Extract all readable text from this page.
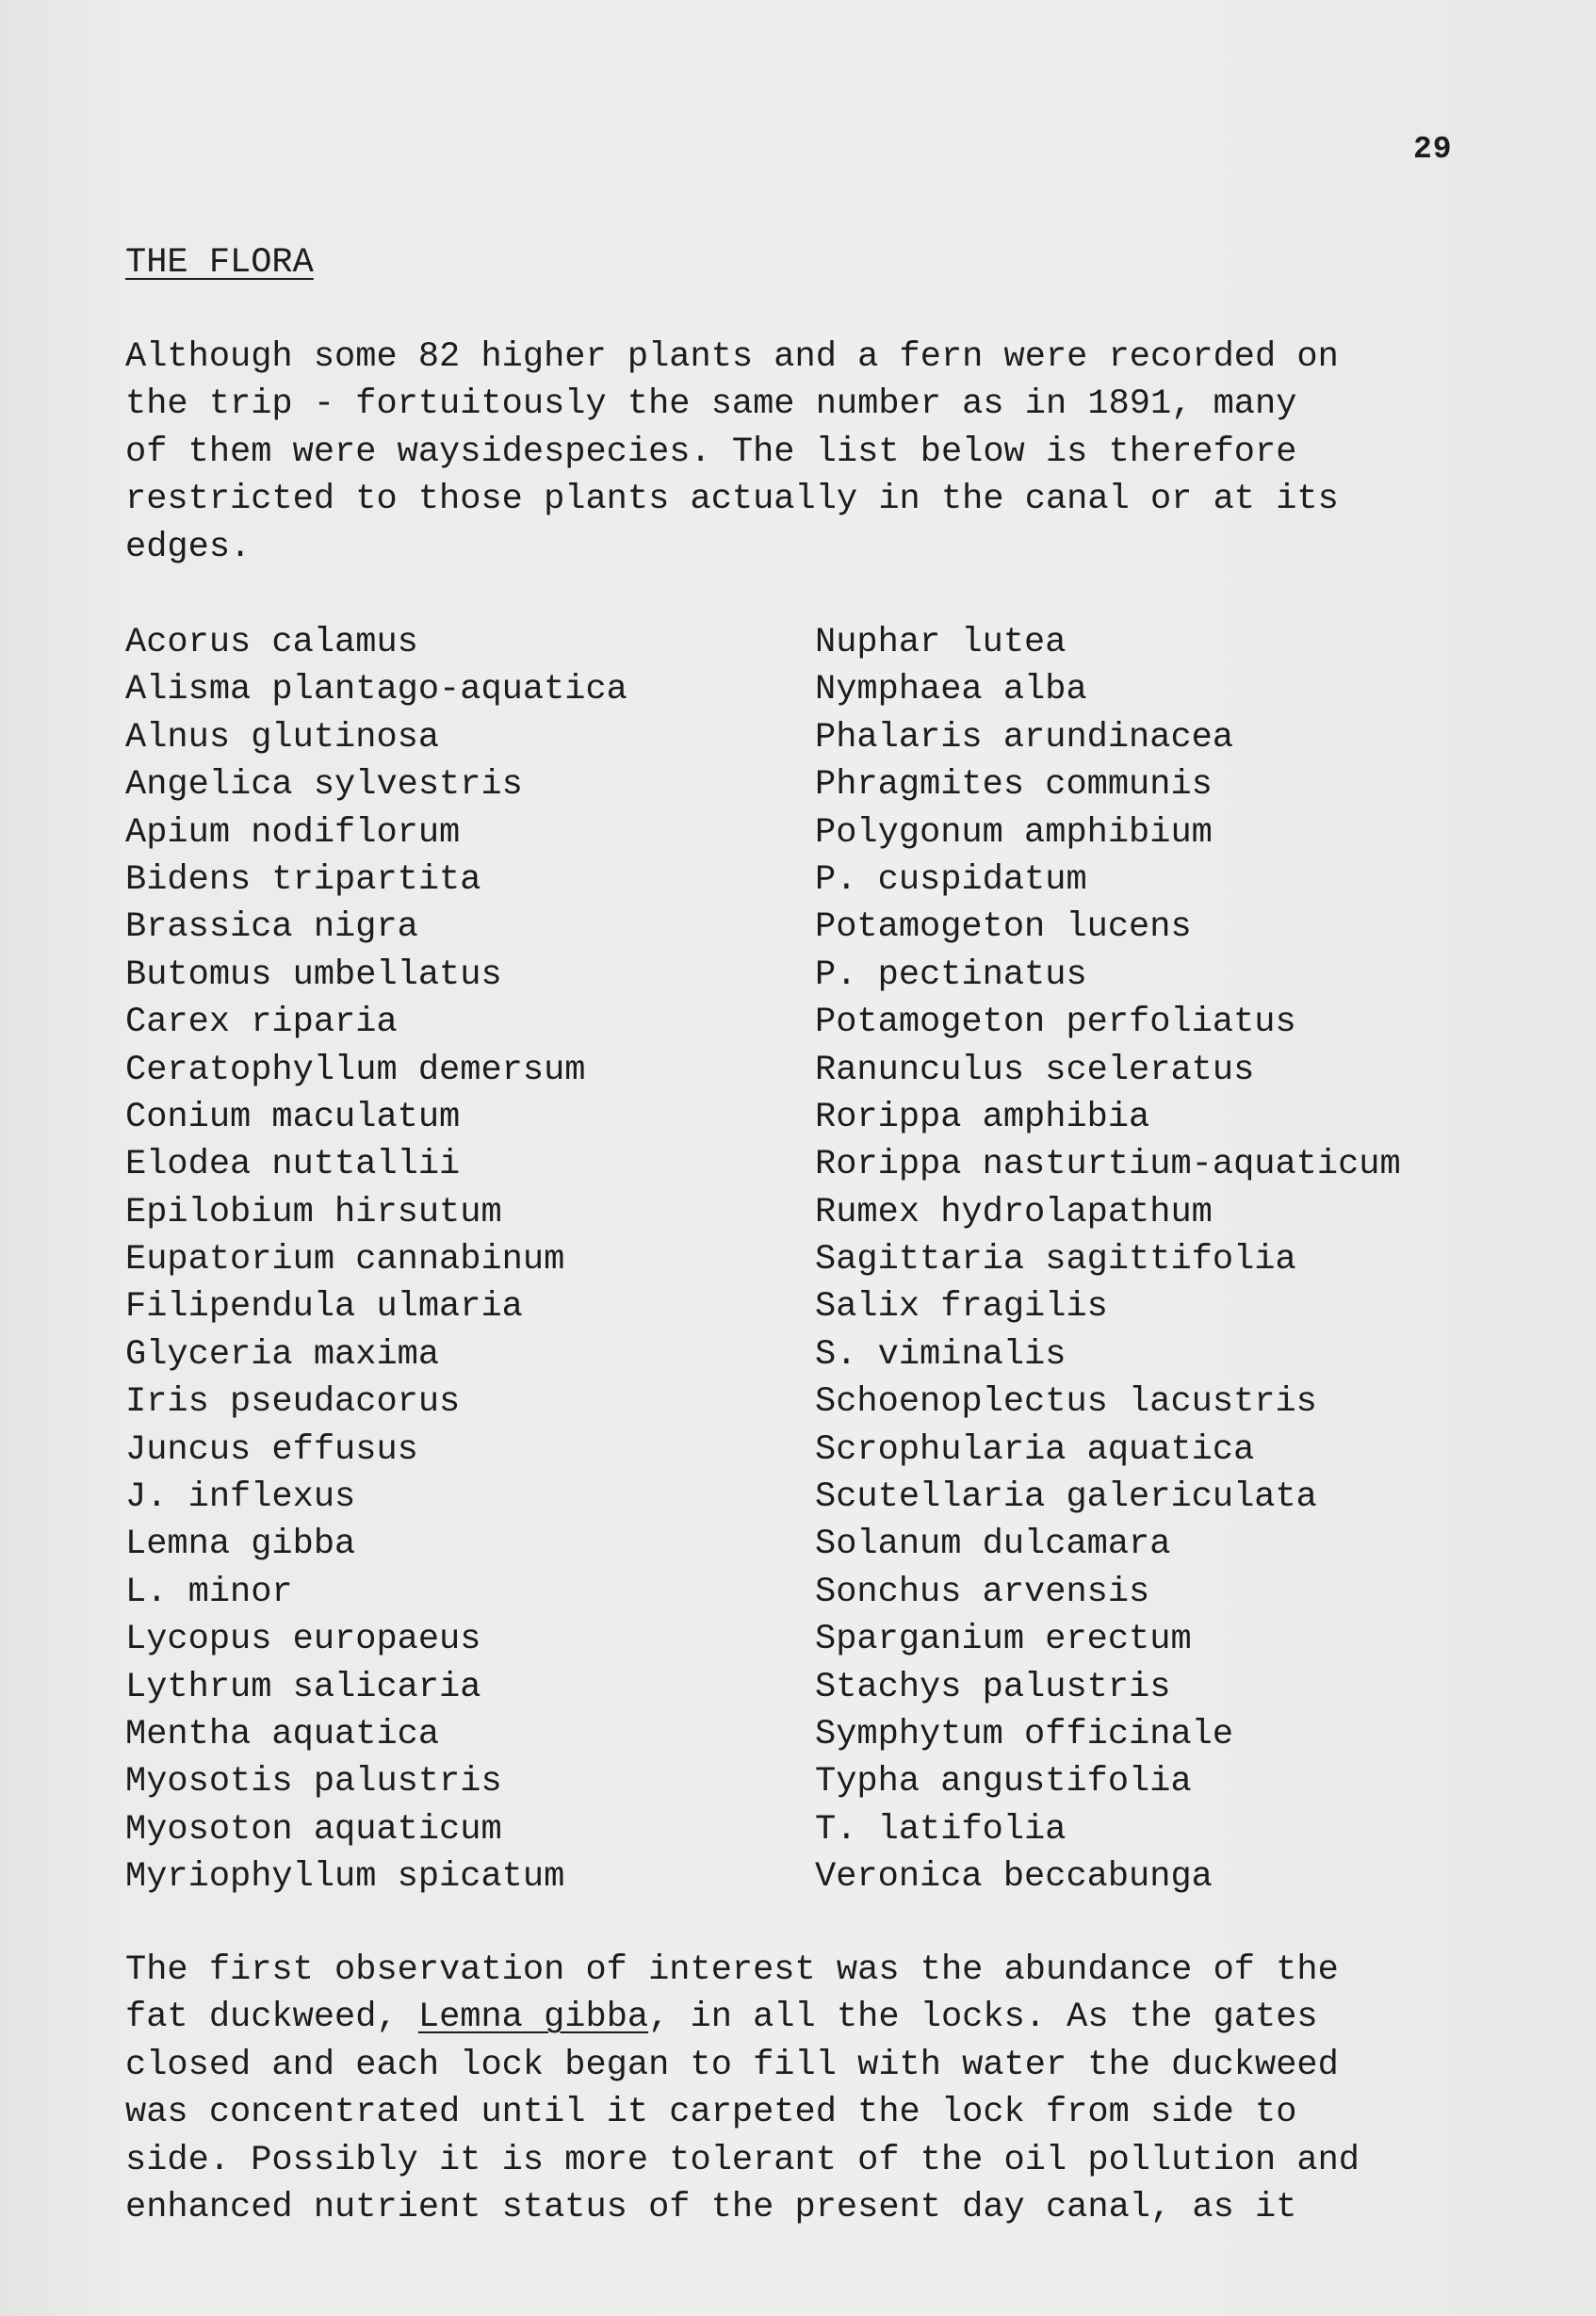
29
THE FLORA
Although some 82 higher plants and a fern were recorded on
the trip - fortuitously the same number as in 1891, many
of them were waysidespecies. The list below is therefore
restricted to those plants actually in the canal or at its
edges.
Acorus calamus
Alisma plantago-aquatica
Alnus glutinosa
Angelica sylvestris
Apium nodiflorum
Bidens tripartita
Brassica nigra
Butomus umbellatus
Carex riparia
Ceratophyllum demersum
Conium maculatum
Elodea nuttallii
Epilobium hirsutum
Eupatorium cannabinum
Filipendula ulmaria
Glyceria maxima
Iris pseudacorus
Juncus effusus
J. inflexus
Lemna gibba
L. minor
Lycopus europaeus
Lythrum salicaria
Mentha aquatica
Myosotis palustris
Myosoton aquaticum
Myriophyllum spicatum
Nuphar lutea
Nymphaea alba
Phalaris arundinacea
Phragmites communis
Polygonum amphibium
P. cuspidatum
Potamogeton lucens
P. pectinatus
Potamogeton perfoliatus
Ranunculus sceleratus
Rorippa amphibia
Rorippa nasturtium-aquaticum
Rumex hydrolapathum
Sagittaria sagittifolia
Salix fragilis
S. viminalis
Schoenoplectus lacustris
Scrophularia aquatica
Scutellaria galericulata
Solanum dulcamara
Sonchus arvensis
Sparganium erectum
Stachys palustris
Symphytum officinale
Typha angustifolia
T. latifolia
Veronica beccabunga
The first observation of interest was the abundance of the
fat duckweed, Lemna gibba, in all the locks. As the gates
closed and each lock began to fill with water the duckweed
was concentrated until it carpeted the lock from side to
side. Possibly it is more tolerant of the oil pollution and
enhanced nutrient status of the present day canal, as it
